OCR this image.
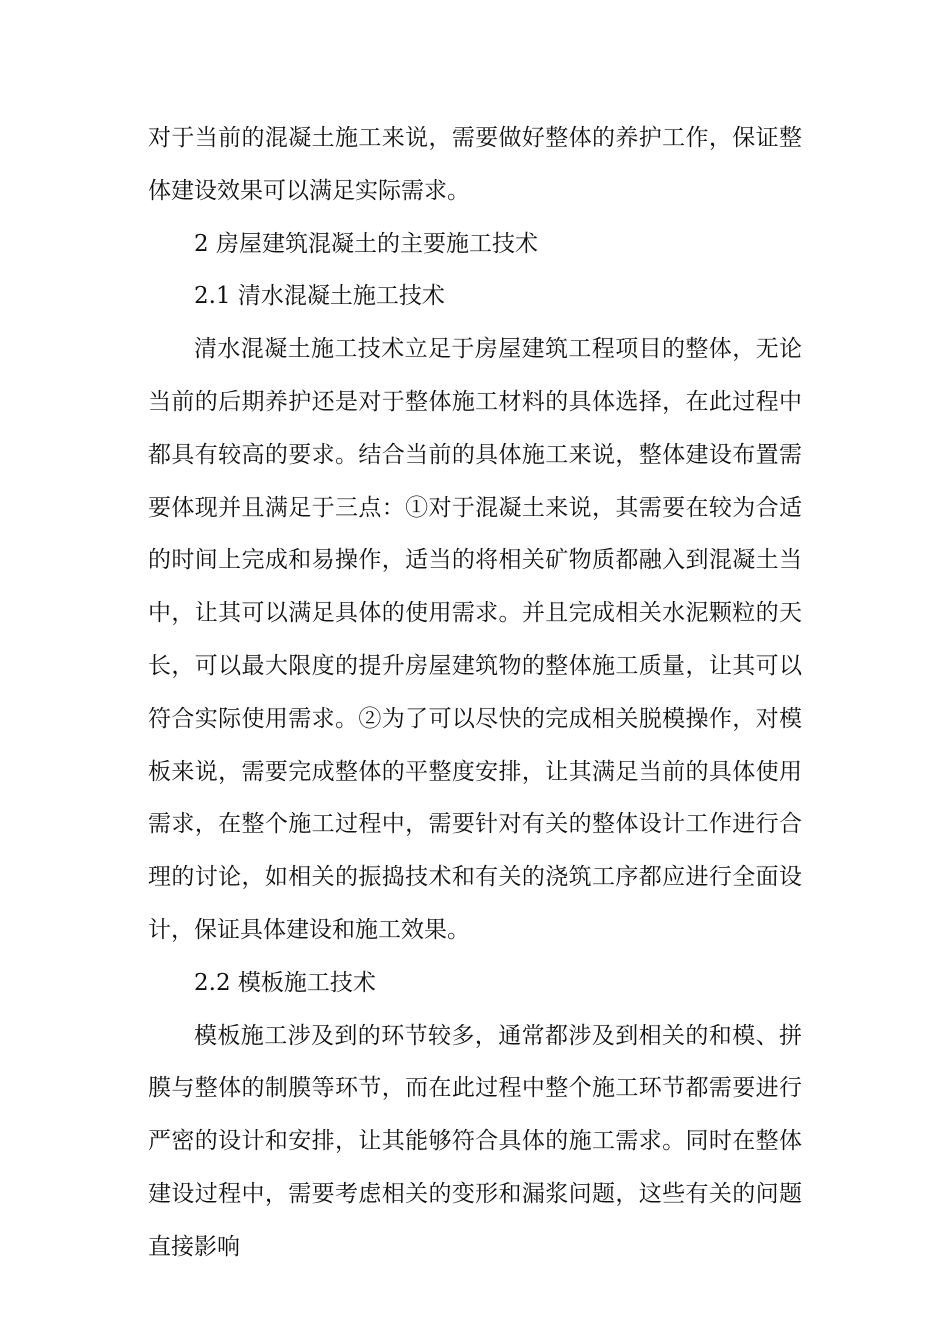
对于当前的混凝土施工来说，需要做好整体的养护工作，保证整体建设效果可以满足实际需求。

2 房屋建筑混凝土的主要施工技术

2.1 清水混凝土施工技术

清水混凝土施工技术立足于房屋建筑工程项目的整体，无论当前的后期养护还是对于整体施工材料的具体选择，在此过程中都具有较高的要求。结合当前的具体施工来说，整体建设布置需要体现并且满足于三点：①对于混凝土来说，其需要在较为合适的时间上完成和易操作，适当的将相关矿物质都融入到混凝土当中，让其可以满足具体的使用需求。并且完成相关水泥颗粒的天长，可以最大限度的提升房屋建筑物的整体施工质量，让其可以符合实际使用需求。②为了可以尽快的完成相关脱模操作，对模板来说，需要完成整体的平整度安排，让其满足当前的具体使用需求，在整个施工过程中，需要针对有关的整体设计工作进行合理的讨论，如相关的振捣技术和有关的浇筑工序都应进行全面设计，保证具体建设和施工效果。

2.2 模板施工技术

模板施工涉及到的环节较多，通常都涉及到相关的和模、拼膜与整体的制膜等环节，而在此过程中整个施工环节都需要进行严密的设计和安排，让其能够符合具体的施工需求。同时在整体建设过程中，需要考虑相关的变形和漏浆问题，这些有关的问题直接影响
